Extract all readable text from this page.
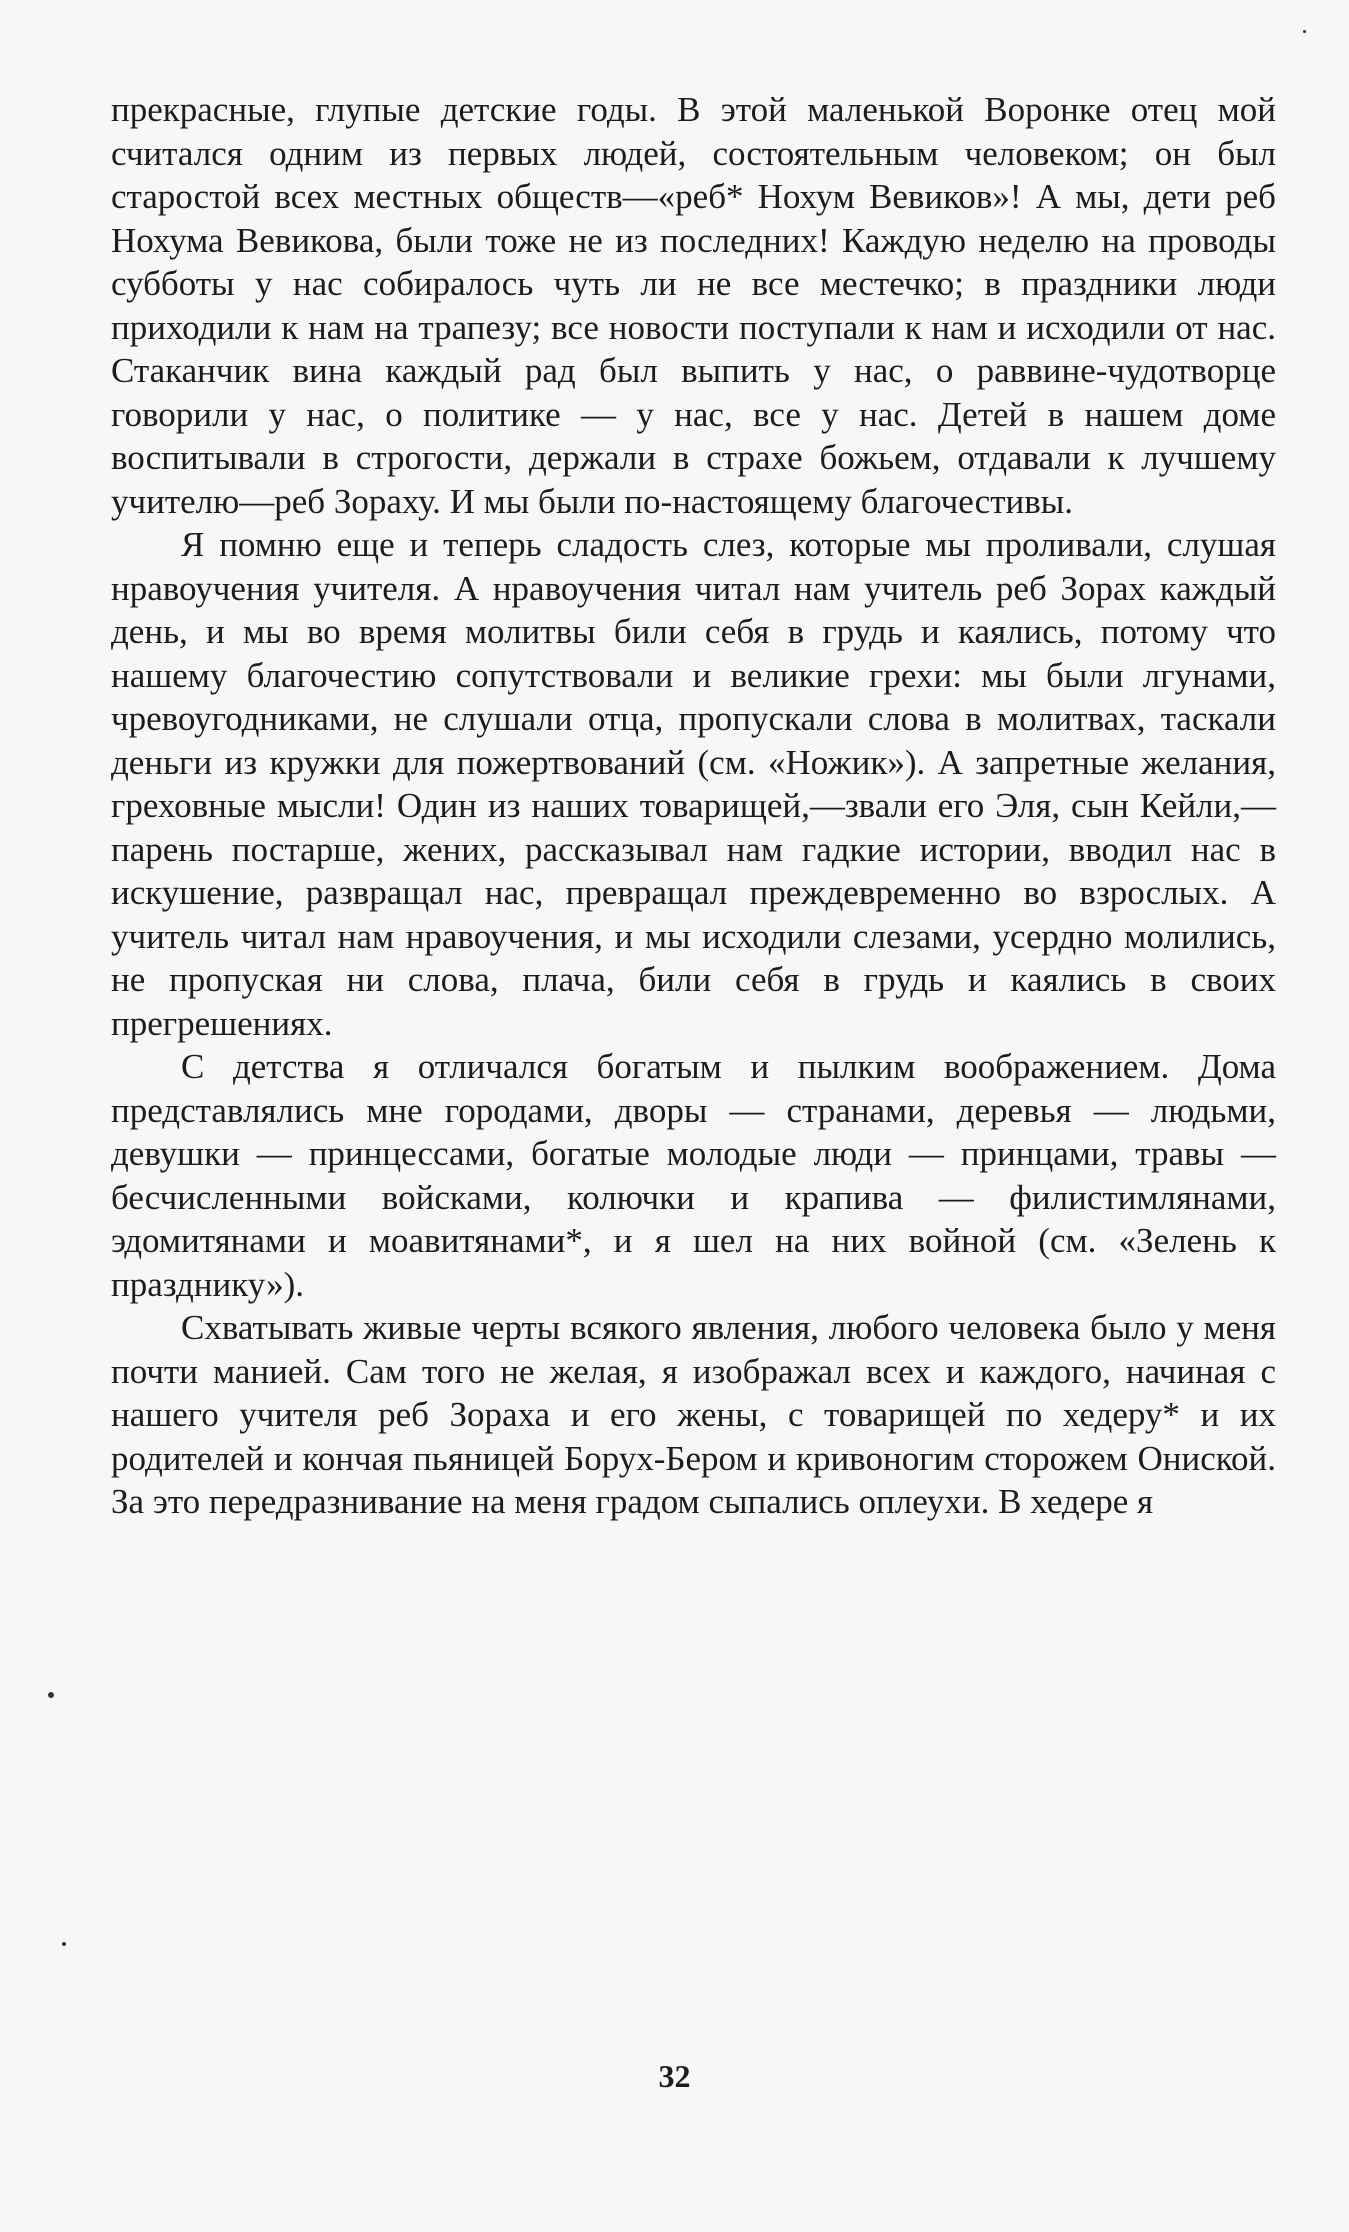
прекрасные, глупые детские годы. В этой маленькой Воронке отец мой считался одним из первых людей, состоятельным человеком; он был старостой всех местных обществ—«реб* Нохум Вевиков»! А мы, дети реб Нохума Вевикова, были тоже не из последних! Каждую неделю на проводы субботы у нас собиралось чуть ли не все местечко; в праздники люди приходили к нам на трапезу; все новости поступали к нам и исходили от нас. Стаканчик вина каждый рад был выпить у нас, о раввине-чудотворце говорили у нас, о политике — у нас, все у нас. Детей в нашем доме воспитывали в строгости, держали в страхе божьем, отдавали к лучшему учителю—реб Зораху. И мы были по-настоящему благочестивы.

Я помню еще и теперь сладость слез, которые мы проливали, слушая нравоучения учителя. А нравоучения читал нам учитель реб Зорах каждый день, и мы во время молитвы били себя в грудь и каялись, потому что нашему благочестию сопутствовали и великие грехи: мы были лгунами, чревоугодниками, не слушали отца, пропускали слова в молитвах, таскали деньги из кружки для пожертвований (см. «Ножик»). А запретные желания, греховные мысли! Один из наших товарищей,—звали его Эля, сын Кейли,—парень постарше, жених, рассказывал нам гадкие истории, вводил нас в искушение, развращал нас, превращал преждевременно во взрослых. А учитель читал нам нравоучения, и мы исходили слезами, усердно молились, не пропуская ни слова, плача, били себя в грудь и каялись в своих прегрешениях.

С детства я отличался богатым и пылким воображением. Дома представлялись мне городами, дворы — странами, деревья — людьми, девушки — принцессами, богатые молодые люди — принцами, травы — бесчисленными войсками, колючки и крапива — филистимлянами, эдомитянами и моавитянами*, и я шел на них войной (см. «Зелень к празднику»).

Схватывать живые черты всякого явления, любого человека было у меня почти манией. Сам того не желая, я изображал всех и каждого, начиная с нашего учителя реб Зораха и его жены, с товарищей по хедеру* и их родителей и кончая пьяницей Борух-Бером и кривоногим сторожем Ониской. За это передразнивание на меня градом сыпались оплеухи. В хедере я

32
